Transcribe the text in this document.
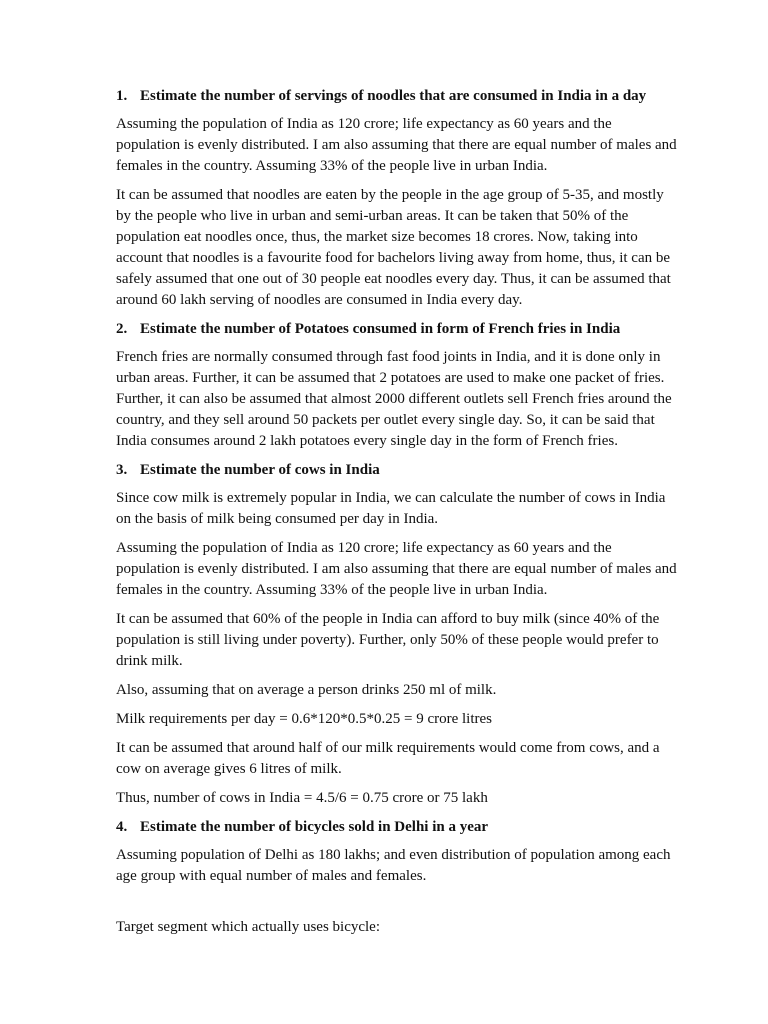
1. Estimate the number of servings of noodles that are consumed in India in a day

Assuming the population of India as 120 crore; life expectancy as 60 years and the population is evenly distributed. I am also assuming that there are equal number of males and females in the country. Assuming 33% of the people live in urban India.

It can be assumed that noodles are eaten by the people in the age group of 5-35, and mostly by the people who live in urban and semi-urban areas. It can be taken that 50% of the population eat noodles once, thus, the market size becomes 18 crores. Now, taking into account that noodles is a favourite food for bachelors living away from home, thus, it can be safely assumed that one out of 30 people eat noodles every day. Thus, it can be assumed that around 60 lakh serving of noodles are consumed in India every day.

2. Estimate the number of Potatoes consumed in form of French fries in India

French fries are normally consumed through fast food joints in India, and it is done only in urban areas. Further, it can be assumed that 2 potatoes are used to make one packet of fries. Further, it can also be assumed that almost 2000 different outlets sell French fries around the country, and they sell around 50 packets per outlet every single day. So, it can be said that India consumes around 2 lakh potatoes every single day in the form of French fries.

3. Estimate the number of cows in India

Since cow milk is extremely popular in India, we can calculate the number of cows in India on the basis of milk being consumed per day in India.

Assuming the population of India as 120 crore; life expectancy as 60 years and the population is evenly distributed. I am also assuming that there are equal number of males and females in the country. Assuming 33% of the people live in urban India.

It can be assumed that 60% of the people in India can afford to buy milk (since 40% of the population is still living under poverty). Further, only 50% of these people would prefer to drink milk.

Also, assuming that on average a person drinks 250 ml of milk.

Milk requirements per day = 0.6*120*0.5*0.25 = 9 crore litres

It can be assumed that around half of our milk requirements would come from cows, and a cow on average gives 6 litres of milk.

Thus, number of cows in India = 4.5/6 = 0.75 crore or 75 lakh

4. Estimate the number of bicycles sold in Delhi in a year

Assuming population of Delhi as 180 lakhs; and even distribution of population among each age group with equal number of males and females.

Target segment which actually uses bicycle:
